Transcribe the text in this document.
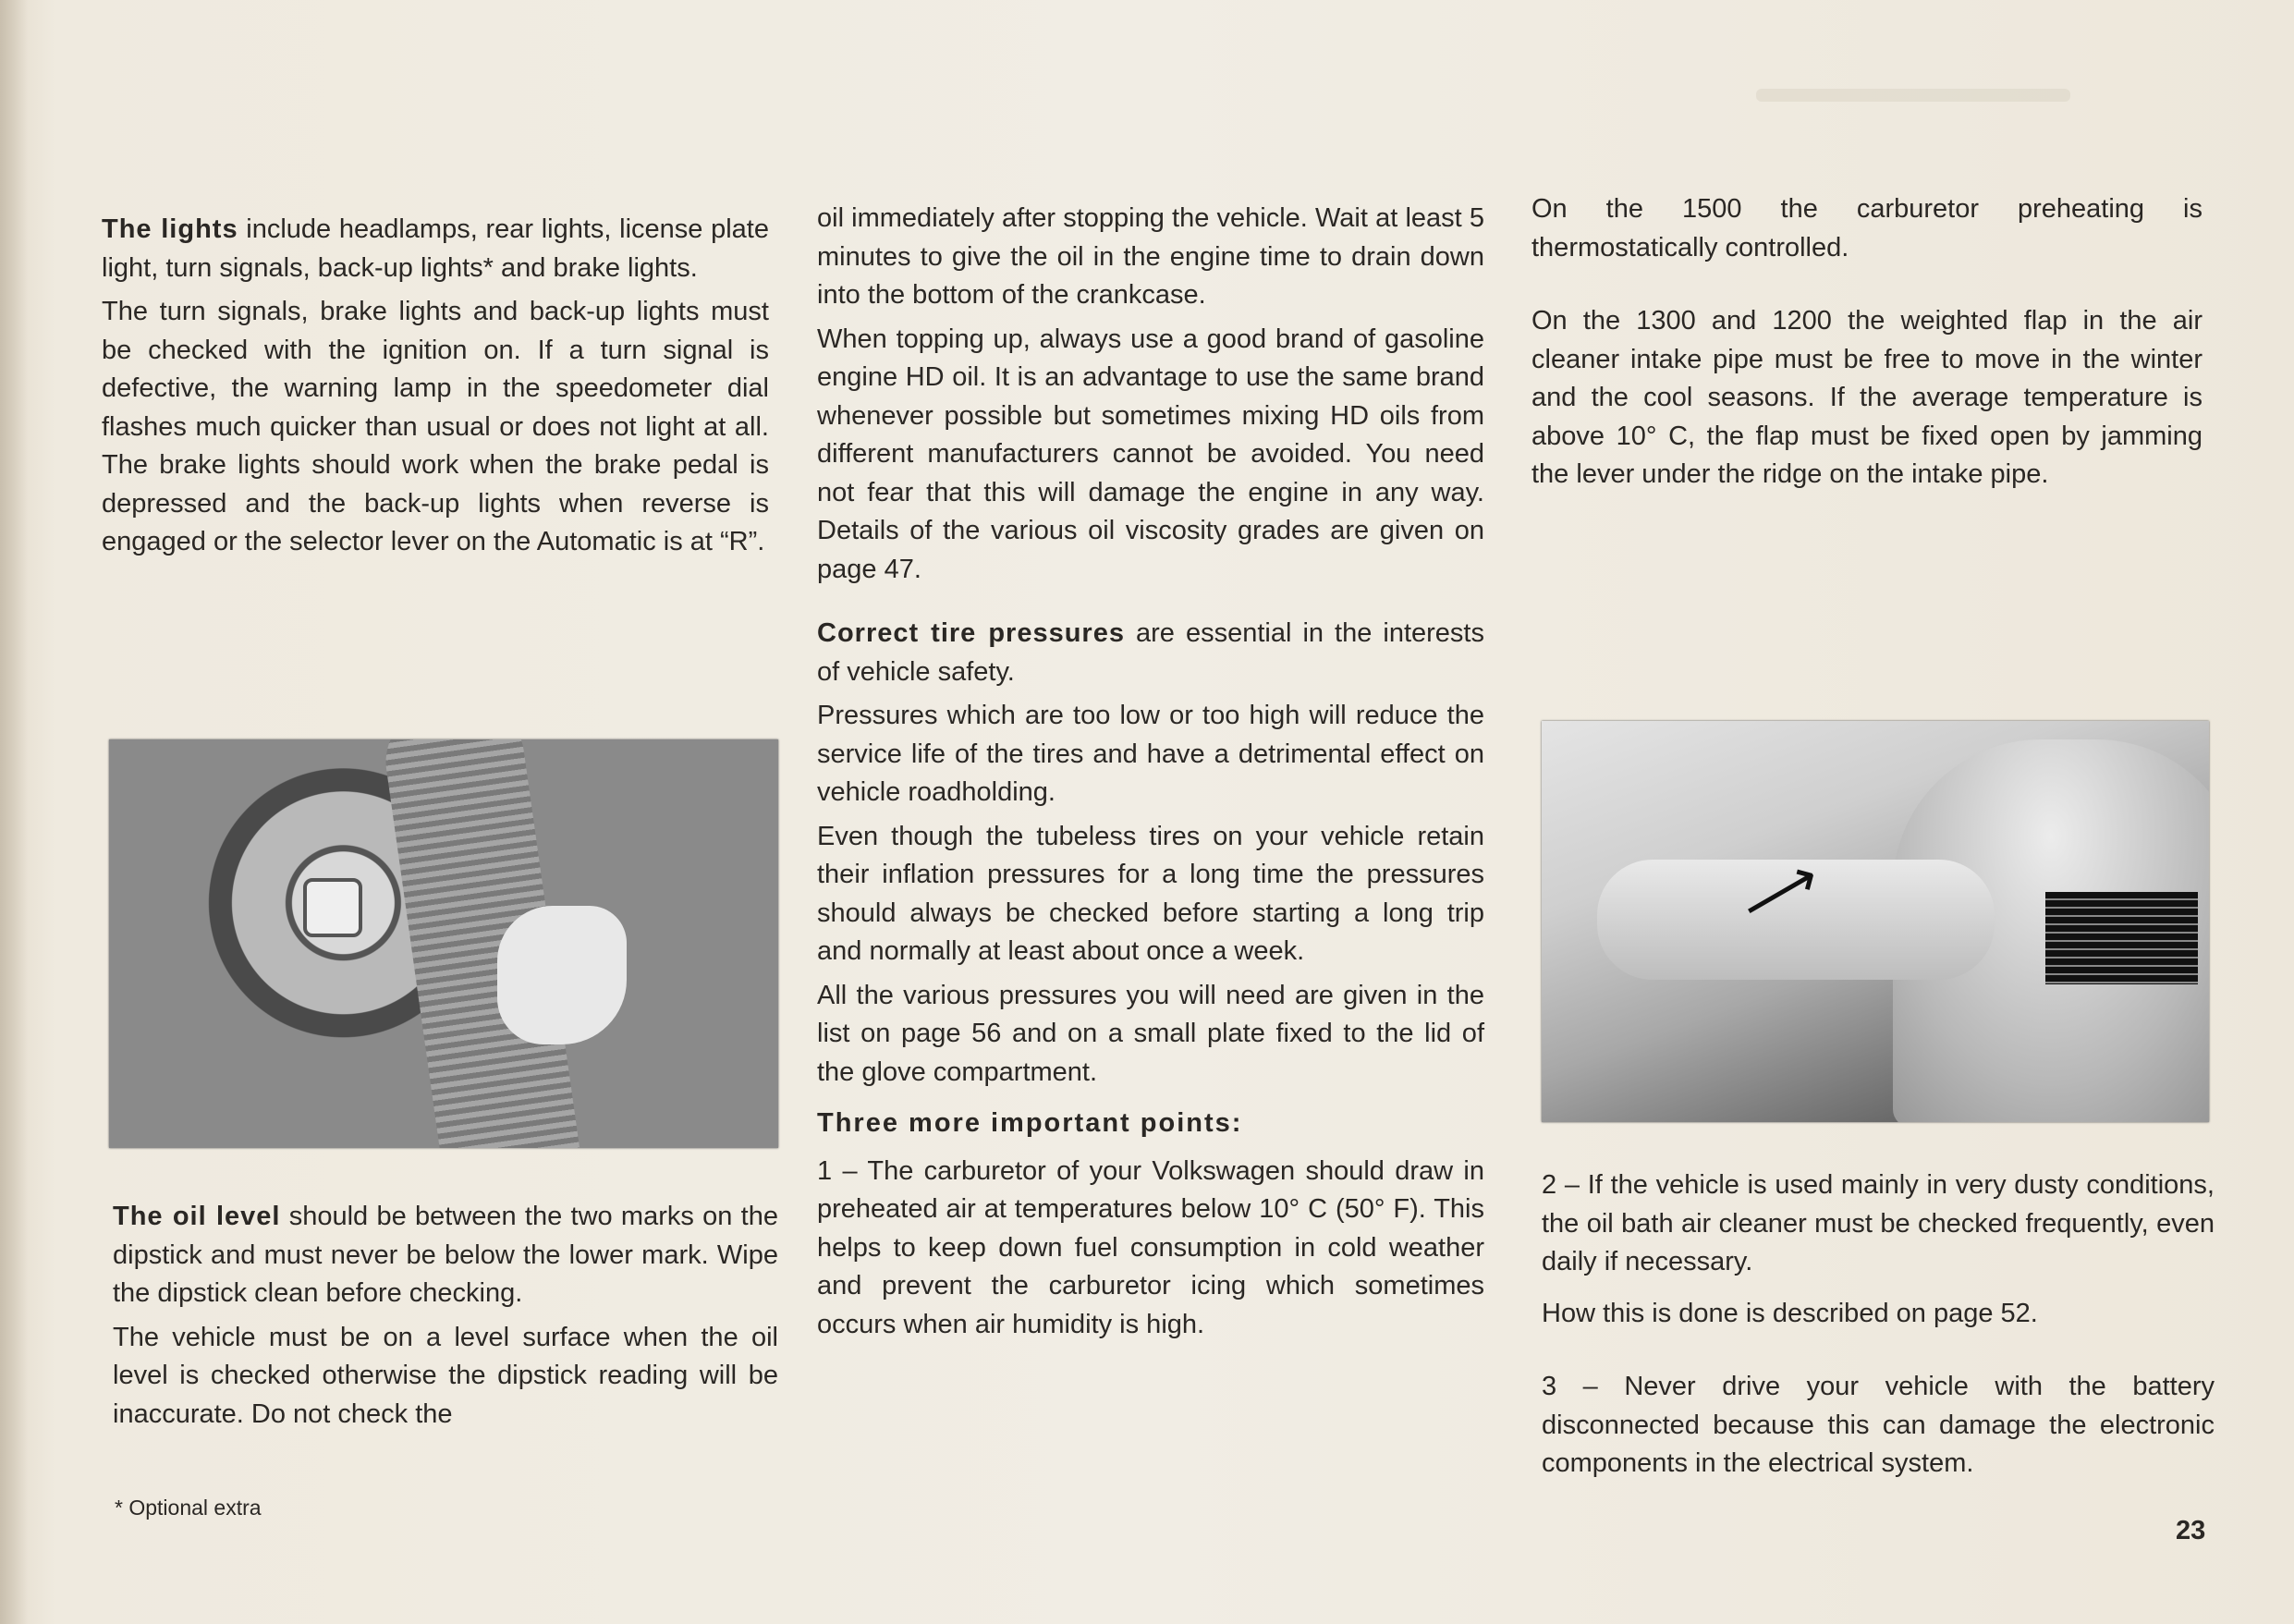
The lights include headlamps, rear lights, license plate light, turn signals, back-up lights* and brake lights.

The turn signals, brake lights and back-up lights must be checked with the ignition on. If a turn signal is defective, the warning lamp in the speedometer dial flashes much quicker than usual or does not light at all. The brake lights should work when the brake pedal is depressed and the back-up lights when reverse is engaged or the selector lever on the Automatic is at “R”.

The oil level should be between the two marks on the dipstick and must never be below the lower mark. Wipe the dipstick clean before checking.

The vehicle must be on a level surface when the oil level is checked otherwise the dipstick reading will be inaccurate. Do not check the

* Optional extra

oil immediately after stopping the vehicle. Wait at least 5 minutes to give the oil in the engine time to drain down into the bottom of the crankcase.

When topping up, always use a good brand of gasoline engine HD oil. It is an advantage to use the same brand whenever possible but sometimes mixing HD oils from different manufacturers cannot be avoided. You need not fear that this will damage the engine in any way. Details of the various oil viscosity grades are given on page 47.

Correct tire pressures are essential in the interests of vehicle safety.

Pressures which are too low or too high will reduce the service life of the tires and have a detrimental effect on vehicle roadholding.

Even though the tubeless tires on your vehicle retain their inflation pressures for a long time the pressures should always be checked before starting a long trip and normally at least about once a week.

All the various pressures you will need are given in the list on page 56 and on a small plate fixed to the lid of the glove compartment.

Three more important points:

1 – The carburetor of your Volkswagen should draw in preheated air at temperatures below 10° C (50° F). This helps to keep down fuel consumption in cold weather and prevent the carburetor icing which sometimes occurs when air humidity is high.

On the 1500 the carburetor preheating is thermostatically controlled.

On the 1300 and 1200 the weighted flap in the air cleaner intake pipe must be free to move in the winter and the cool seasons. If the average temperature is above 10° C, the flap must be fixed open by jamming the lever under the ridge on the intake pipe.

⟶

2 – If the vehicle is used mainly in very dusty conditions, the oil bath air cleaner must be checked frequently, even daily if necessary.

How this is done is described on page 52.

3 – Never drive your vehicle with the battery disconnected because this can damage the electronic components in the electrical system.

23
